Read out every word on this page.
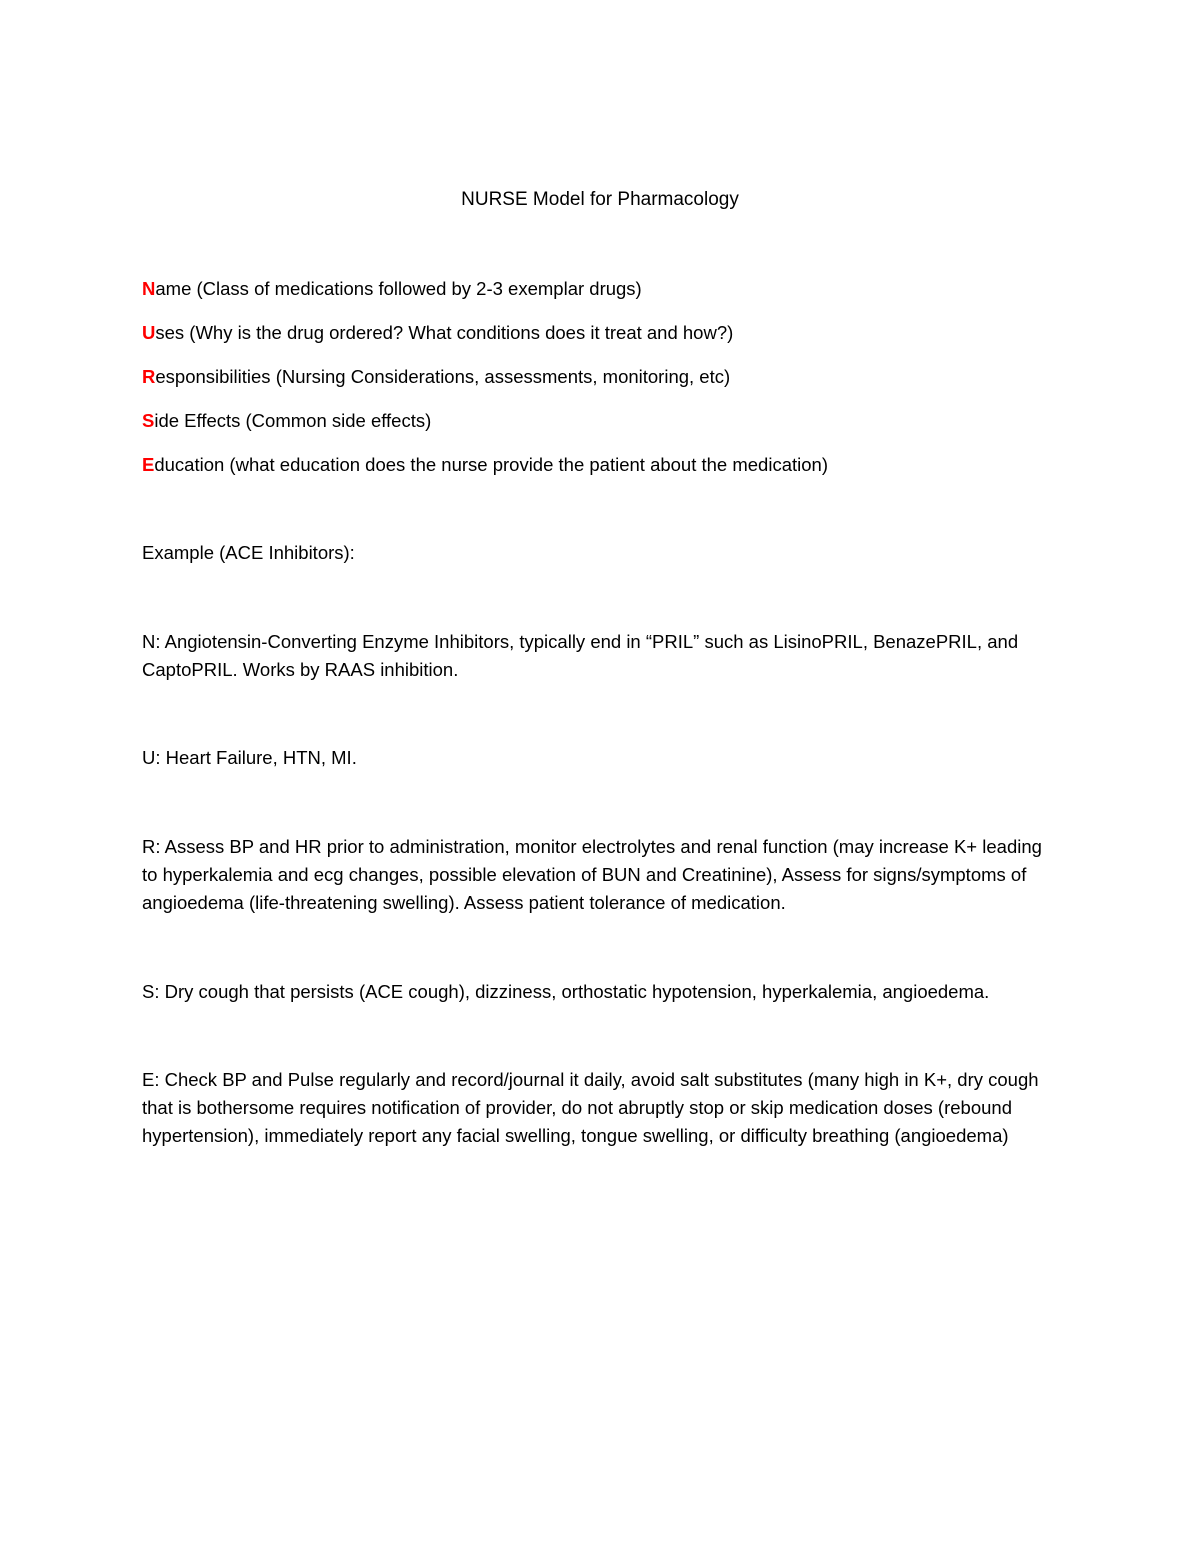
NURSE Model for Pharmacology
Name (Class of medications followed by 2-3 exemplar drugs)
Uses (Why is the drug ordered? What conditions does it treat and how?)
Responsibilities (Nursing Considerations, assessments, monitoring, etc)
Side Effects (Common side effects)
Education (what education does the nurse provide the patient about the medication)
Example (ACE Inhibitors):
N: Angiotensin-Converting Enzyme Inhibitors, typically end in “PRIL” such as LisinoPRIL, BenazePRIL, and CaptoPRIL. Works by RAAS inhibition.
U: Heart Failure, HTN, MI.
R: Assess BP and HR prior to administration, monitor electrolytes and renal function (may increase K+ leading to hyperkalemia and ecg changes, possible elevation of BUN and Creatinine), Assess for signs/symptoms of angioedema (life-threatening swelling). Assess patient tolerance of medication.
S: Dry cough that persists (ACE cough), dizziness, orthostatic hypotension, hyperkalemia, angioedema.
E: Check BP and Pulse regularly and record/journal it daily, avoid salt substitutes (many high in K+, dry cough that is bothersome requires notification of provider, do not abruptly stop or skip medication doses (rebound hypertension), immediately report any facial swelling, tongue swelling, or difficulty breathing (angioedema)
